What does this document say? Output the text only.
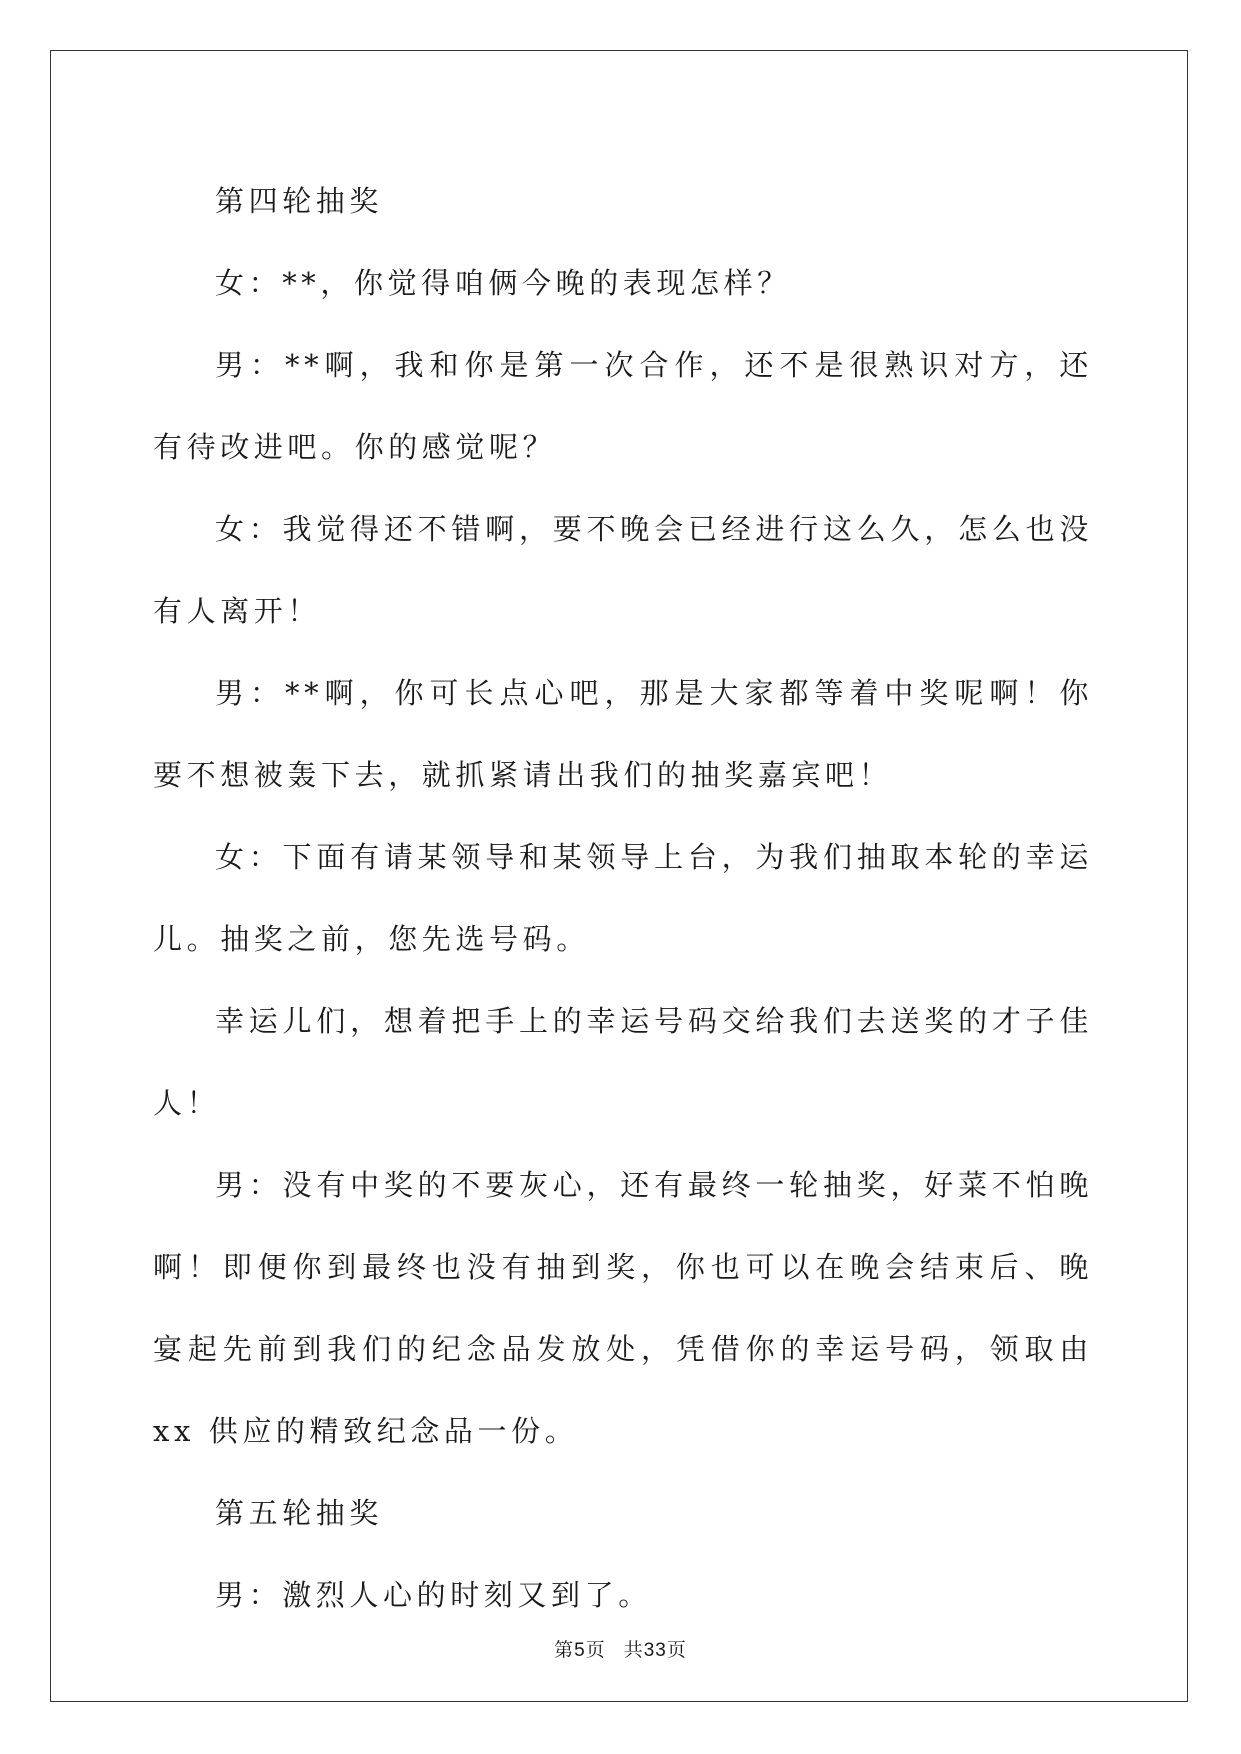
第四轮抽奖

女：**，你觉得咱俩今晚的表现怎样？

男：**啊，我和你是第一次合作，还不是很熟识对方，还有待改进吧。你的感觉呢？

女：我觉得还不错啊，要不晚会已经进行这么久，怎么也没有人离开！

男：**啊，你可长点心吧，那是大家都等着中奖呢啊！你要不想被轰下去，就抓紧请出我们的抽奖嘉宾吧！

女：下面有请某领导和某领导上台，为我们抽取本轮的幸运儿。抽奖之前，您先选号码。

幸运儿们，想着把手上的幸运号码交给我们去送奖的才子佳人！

男：没有中奖的不要灰心，还有最终一轮抽奖，好菜不怕晚啊！即便你到最终也没有抽到奖，你也可以在晚会结束后、晚宴起先前到我们的纪念品发放处，凭借你的幸运号码，领取由 xx 供应的精致纪念品一份。

第五轮抽奖

男：激烈人心的时刻又到了。

第5页 共33页
